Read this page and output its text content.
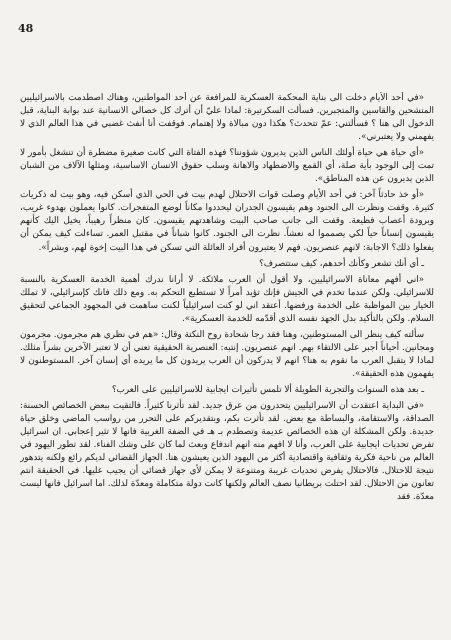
48

«في أحد الأيام دخلت الى بناية المحكمة العسكرية للمرافعة عن أحد المواطنين، وهناك اصطدمت بالاسرائيليين المتشحين والقاسين والمتجبرين. فسألت السكرتيرة: لماذا عليّ أن أترك كل خصالي الانسانية عند بوابة البناية، قبل الدخول الى هنا ؟ فسألتني: عمّ تتحدث؟ هكذا دون مبالاة ولا إهتمام. فوقفت أنا أنفث غضبي في هذا العالم الذي لا يفهمني ولا يعتبرني».

«أي حياة هي حياة أولئك الناس الذين يديرون شؤوننا؟ فهذه الفتاة التي كانت صغيرة مضطرة أن تنشغل بأمور لا تمت إلى الوجود بأية صلة، أي القمع والاضطهاد والاهانة وسلب حقوق الانسان الاساسية، ومثلها الآلاف من الشبان الذين يديرون عن هذه المناطق».

«أو خذ حادثاً آخر: في أحد الأيام وصلت قوات الاحتلال لهدم بيت في الحي الذي أسكن فيه، وهو بيت له ذكريات كثيرة. وقفت ونظرت الى الجنود وهم يقيسون الجدران ليحددوا مكاناً لوضع المتفجرات. كانوا يعملون بهدوء غريب، وبرودة أعصاب فظيعة. وقفت الى جانب صاحب البيت وشاهدتهم يقيسون. كان منظراً رهيباً، يخيل اليك كأنهم يقيسون إنساناً حياً لكي يصمموا له نعشاً. نظرت الى الجنود. كانوا شباناً في مقتبل العمر. تساءلت كيف يمكن أن يفعلوا ذلك؟ الاجابة: لانهم عنصريون. فهم لا يعتبرون أفراد العائلة التي تسكن في هذا البيت إخوة لهم، وبشراً».

ـ أي أنك تشعر وكأنك أحدهم، كيف ستتصرف؟

«اني أفهم معاناة الاسرائيليين، ولا أقول أن العرب ملائكة. لا أرانا ندرك أهمية الخدمة العسكرية بالنسبة للاسرائيلي. ولكن عندما تخدم في الجيش فإنك تؤيد أمراً لا تستطيع التحكم به. ومع ذلك فانك كإسرائيلي، لا تملك الخيار بين المواظبة على الخدمة ورفضها. أعتقد اني لو كنت اسرائيلياً لكنت ساهمت في المجهود الجماعي لتحقيق السلام. ولكن بالتأكيد بدل الجهد نفسه الذي أقدّمه للخدمة العسكرية».

سألته كيف ينظر الى المستوطنين، وهنا فقد رجا شحادة روح النكتة وقال: «هم في نظري هم مجرمون. مجرمون ومجانين. أحياناً أجبر على الالتقاء بهم. انهم عنصريون. إنتبه: العنصرية الحقيقية تعني أن لا تعتبر الآخرين بشراً مثلك. لماذا لا يتقبل العرب ما نقوم به هنا؟ انهم لا يدركون أن العرب يريدون كل ما يريده أي إنسان آخر. المستوطنون لا يفهمون هذه الحقيقة».

ـ بعد هذه السنوات والتجربة الطويلة ألا تلمس تأثيرات ايجابية للاسرائيليين على العرب؟

«في البداية اعتقدت أن الاسرائيليين يتحدرون من عرق جديد. لقد تأثرنا كثيراً. فالتقيت ببعض الخصائص الحسنة: الصداقة، والاستقامة، والبساطة مع بعض. لقد تأثرت بكم، وبتقديركم على التحرر من رواسب الماضي وخلق حياة جديدة. ولكن المشكلة ان هذه الخصائص عديمة وتصطدم بـ هـ في الضفة الغربية فانها لا تثير إعجابي. ان اسرائيل تفرض تحديات ايجابية على العرب، وأنا لا افهم منه انهم اندفاع وبعث لما كان على وشك الفناء. لقد تطور اليهود في العالم من ناحية فكرية وثقافية واقتصادية أكثر من اليهود الذين يعيشون هنا. الجهاز القضائي لديكم رائع ولكنه يتدهور نتيجة للاحتلال. فالاحتلال يفرض تحديات غريبة ومتنوعة لا يمكن لأي جهاز قضائي أن يجيب عليها. في الحقيقة انتم تعانون من الاحتلال. لقد احتلت بريطانيا نصف العالم ولكنها كانت دولة متكاملة ومعدّة لذلك. اما اسرائيل فانها ليست معدّة. فقد
